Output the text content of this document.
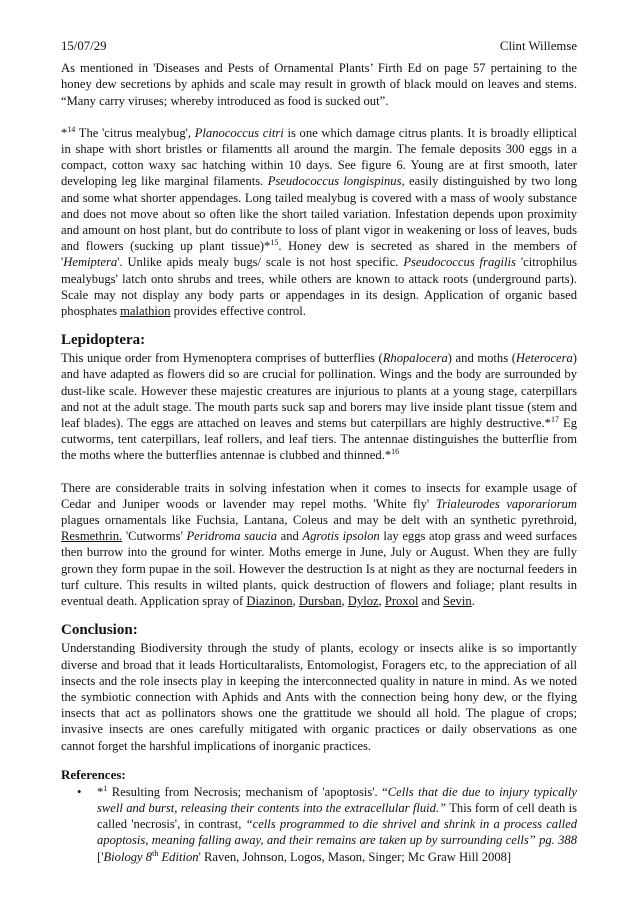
15/07/29	Clint Willemse

As mentioned in 'Diseases and Pests of Ornamental Plants’ Firth Ed on page 57 pertaining to the honey dew secretions by aphids and scale may result in growth of black mould on leaves and stems. “Many carry viruses; whereby introduced as food is sucked out”.

*$^{14}$ The 'citrus mealybug', Planococcus citri is one which damage citrus plants. It is broadly elliptical in shape with short bristles or filamentts all around the margin. The female deposits 300 eggs in a compact, cotton waxy sac hatching within 10 days. See figure 6. Young are at first smooth, later developing leg like marginal filaments. Pseudococcus longispinus, easily distinguished by two long and some what shorter appendages. Long tailed mealybug is covered with a mass of wooly substance and does not move about so often like the short tailed variation. Infestation depends upon proximity and amount on host plant, but do contribute to loss of plant vigor in weakening or loss of leaves, buds and flowers (sucking up plant tissue)*$^{15}$. Honey dew is secreted as shared in the members of 'Hemiptera'. Unlike apids mealy bugs/ scale is not host specific. Pseudococcus fragilis 'citrophilus mealybugs' latch onto shrubs and trees, while others are known to attack roots (underground parts). Scale may not display any body parts or appendages in its design. Application of organic based phosphates malathion provides effective control.

Lepidoptera:

This unique order from Hymenoptera comprises of butterflies (Rhopalocera) and moths (Heterocera) and have adapted as flowers did so are crucial for pollination. Wings and the body are surrounded by dust-like scale. However these majestic creatures are injurious to plants at a young stage, caterpillars and not at the adult stage. The mouth parts suck sap and borers may live inside plant tissue (stem and leaf blades). The eggs are attached on leaves and stems but caterpillars are highly destructive.*$^{17}$ Eg cutworms, tent caterpillars, leaf rollers, and leaf tiers. The antennae distinguishes the butterflie from the moths where the butterflies antennae is clubbed and thinned.*$^{16}$

There are considerable traits in solving infestation when it comes to insects for example usage of Cedar and Juniper woods or lavender may repel moths. 'White fly' Trialeurodes vaporariorum plagues ornamentals like Fuchsia, Lantana, Coleus and may be delt with an synthetic pyrethroid, Resmethrin. 'Cutworms' Peridroma saucia and Agrotis ipsolon lay eggs atop grass and weed surfaces then burrow into the ground for winter. Moths emerge in June, July or August. When they are fully grown they form pupae in the soil. However the destruction Is at night as they are nocturnal feeders in turf culture. This results in wilted plants, quick destruction of flowers and foliage; plant results in eventual death. Application spray of Diazinon, Dursban, Dyloz, Proxol and Sevin.

Conclusion:

Understanding Biodiversity through the study of plants, ecology or insects alike is so importantly diverse and broad that it leads Horticultaralists, Entomologist, Foragers etc, to the appreciation of all insects and the role insects play in keeping the interconnected quality in nature in mind. As we noted the symbiotic connection with Aphids and Ants with the connection being hony dew, or the flying insects that act as pollinators shows one the grattitude we should all hold. The plague of crops; invasive insects are ones carefully mitigated with organic practices or daily observations as one cannot forget the harshful implications of inorganic practices.

References:
•	*$^1$ Resulting from Necrosis; mechanism of 'apoptosis'. “Cells that die due to injury typically swell and burst, releasing their contents into the extracellular fluid.” This form of cell death is called 'necrosis', in contrast, “cells programmed to die shrivel and shrink in a process called apoptosis, meaning falling away, and their remains are taken up by surrounding cells” pg. 388 ['Biology 8th Edition' Raven, Johnson, Logos, Mason, Singer; Mc Graw Hill 2008]
